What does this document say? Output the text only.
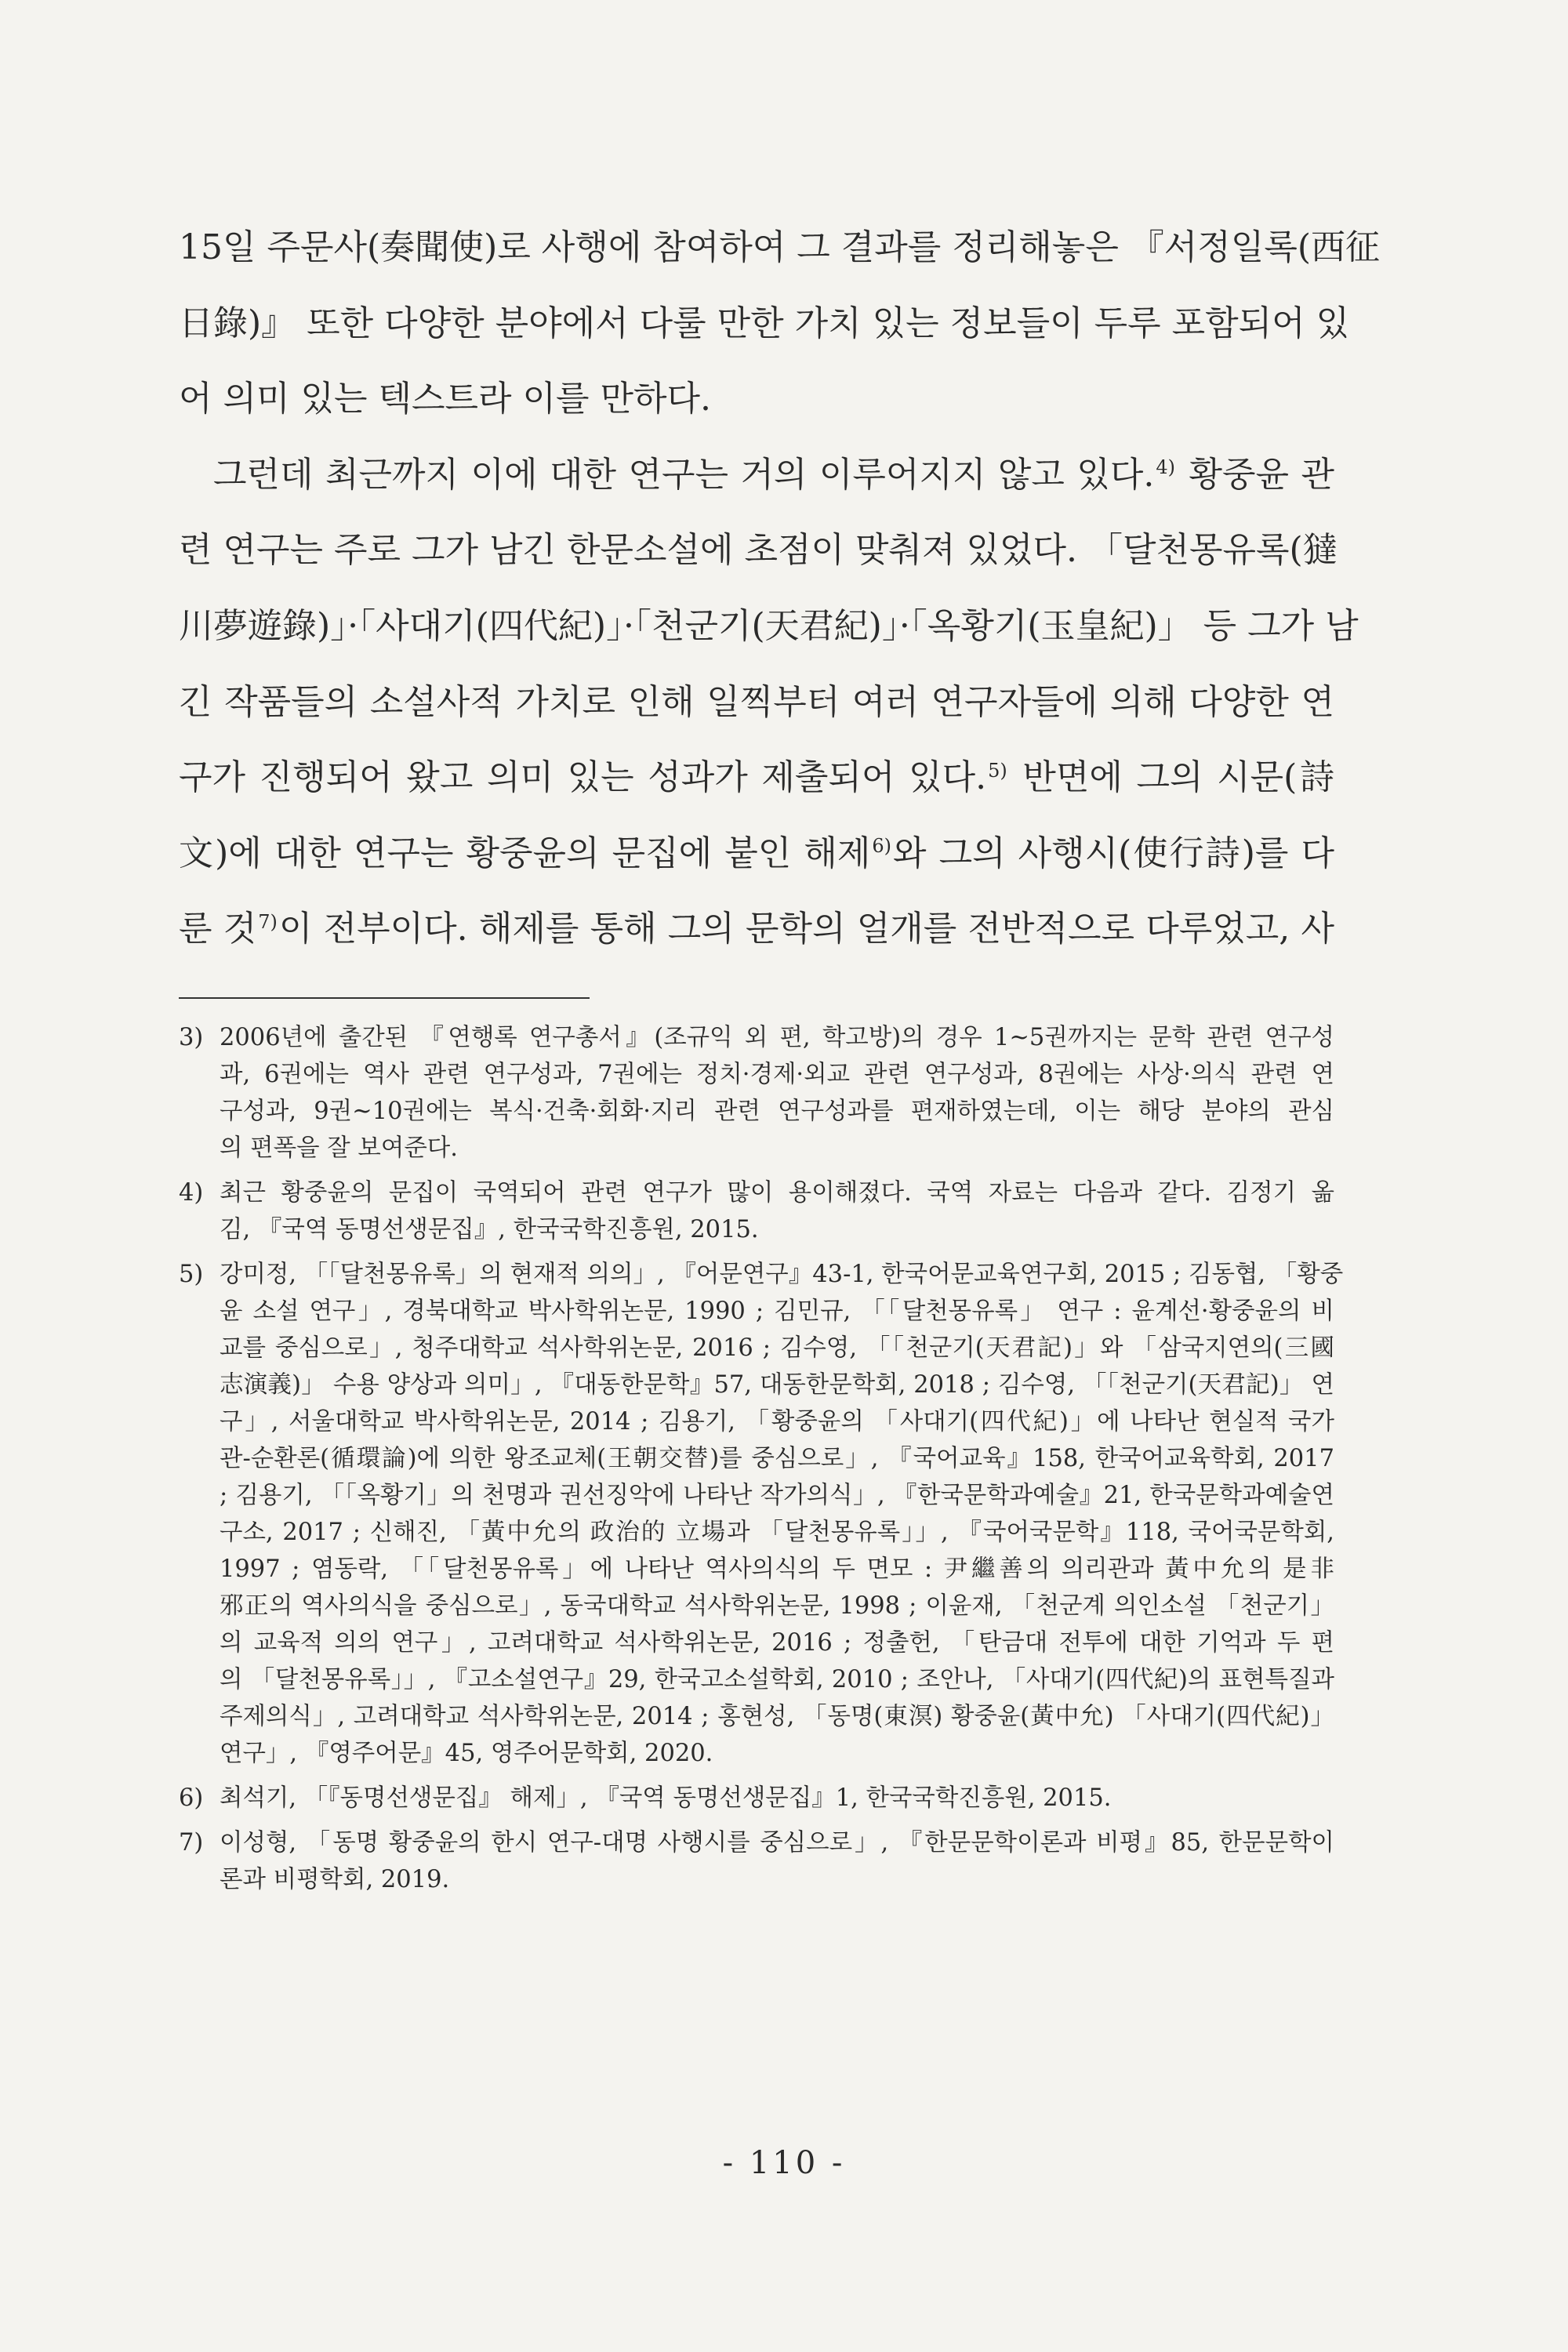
15일 주문사(奏聞使)로 사행에 참여하여 그 결과를 정리해놓은 『서정일록(西征
日錄)』 또한 다양한 분야에서 다룰 만한 가치 있는 정보들이 두루 포함되어 있
어 의미 있는 텍스트라 이를 만하다.

그런데 최근까지 이에 대한 연구는 거의 이루어지지 않고 있다.$^{4)}$ 황중윤 관
련 연구는 주로 그가 남긴 한문소설에 초점이 맞춰져 있었다. 「달천몽유록(㺚
川夢遊錄)」·「사대기(四代紀)」·「천군기(天君紀)」·「옥황기(玉皇紀)」 등 그가 남
긴 작품들의 소설사적 가치로 인해 일찍부터 여러 연구자들에 의해 다양한 연
구가 진행되어 왔고 의미 있는 성과가 제출되어 있다.$^{5)}$ 반면에 그의 시문(詩
文)에 대한 연구는 황중윤의 문집에 붙인 해제$^{6)}$와 그의 사행시(使行詩)를 다
룬 것$^{7)}$이 전부이다. 해제를 통해 그의 문학의 얼개를 전반적으로 다루었고, 사

3) 2006년에 출간된 『연행록 연구총서』(조규익 외 편, 학고방)의 경우 1~5권까지는 문학 관련 연구성
과, 6권에는 역사 관련 연구성과, 7권에는 정치·경제·외교 관련 연구성과, 8권에는 사상·의식 관련 연
구성과, 9권~10권에는 복식·건축·회화·지리 관련 연구성과를 편재하였는데, 이는 해당 분야의 관심
의 편폭을 잘 보여준다.
4) 최근 황중윤의 문집이 국역되어 관련 연구가 많이 용이해졌다. 국역 자료는 다음과 같다. 김정기 옮
김, 『국역 동명선생문집』, 한국국학진흥원, 2015.
5) 강미정, 「「달천몽유록」의 현재적 의의」, 『어문연구』43-1, 한국어문교육연구회, 2015 ; 김동협, 「황중
윤 소설 연구」, 경북대학교 박사학위논문, 1990 ; 김민규, 「「달천몽유록」 연구 : 윤계선·황중윤의 비
교를 중심으로」, 청주대학교 석사학위논문, 2016 ; 김수영, 「「천군기(天君記)」와 「삼국지연의(三國
志演義)」 수용 양상과 의미」, 『대동한문학』57, 대동한문학회, 2018 ; 김수영, 「「천군기(天君記)」 연
구」, 서울대학교 박사학위논문, 2014 ; 김용기, 「황중윤의 「사대기(四代紀)」에 나타난 현실적 국가
관-순환론(循環論)에 의한 왕조교체(王朝交替)를 중심으로」, 『국어교육』158, 한국어교육학회, 2017
; 김용기, 「「옥황기」의 천명과 권선징악에 나타난 작가의식」, 『한국문학과예술』21, 한국문학과예술연
구소, 2017 ; 신해진, 「黃中允의 政治的 立場과 「달천몽유록」」, 『국어국문학』118, 국어국문학회,
1997 ; 염동락, 「「달천몽유록」에 나타난 역사의식의 두 면모 : 尹繼善의 의리관과 黃中允의 是非
邪正의 역사의식을 중심으로」, 동국대학교 석사학위논문, 1998 ; 이윤재, 「천군계 의인소설 「천군기」
의 교육적 의의 연구」, 고려대학교 석사학위논문, 2016 ; 정출헌, 「탄금대 전투에 대한 기억과 두 편
의 「달천몽유록」」, 『고소설연구』29, 한국고소설학회, 2010 ; 조안나, 「사대기(四代紀)의 표현특질과
주제의식」, 고려대학교 석사학위논문, 2014 ; 홍현성, 「동명(東溟) 황중윤(黃中允) 「사대기(四代紀)」
연구」, 『영주어문』45, 영주어문학회, 2020.
6) 최석기, 「『동명선생문집』 해제」, 『국역 동명선생문집』1, 한국국학진흥원, 2015.
7) 이성형, 「동명 황중윤의 한시 연구-대명 사행시를 중심으로」, 『한문문학이론과 비평』85, 한문문학이
론과 비평학회, 2019.
- 110 -
